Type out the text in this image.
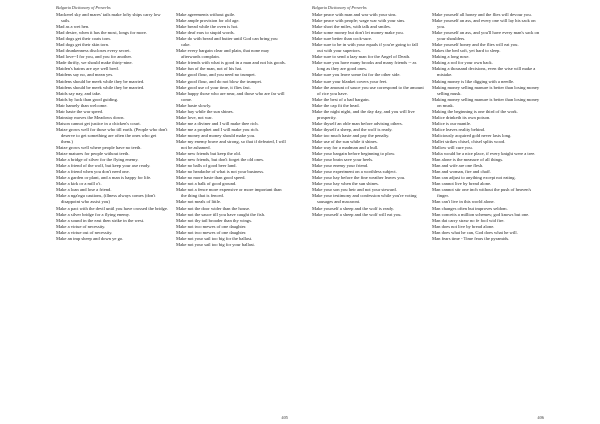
Bulgaria Dictionary of Proverbs

Mackerel sky and mares' tails make lofty ships carry low sails.

Mad as a wet hen.

Mad desire, when it has the most, longs for more.

Mad dogs get their coats torn.

Mad dogs get their skin torn.

Mad drunkenness discloses every secret.

Mad love--I for you, and you for another.

Made thrifty, we should make thirty-nine.

Maiden's bairns are aye well bred.

Maidens say no, and mean yes.

Maidens should be meek while they be married.

Maidens should be meek while they be married.

Maids say nay, and take.

Maids by luck than good guiding.

Mair hamely than welcome.

Mair haste the war speed.

Mainstay moves the Meadows down.

Maison cannot get justice in a chicken's court.

Maize grows well for those who till earth. (People who don't deserve to get something are often the ones who get them.)

Maize grows well where people have no teeth.

Maize matures for people without teeth.

Make a bridge of silver for the flying enemy.

Make a friend of the wolf, but keep your axe ready.

Make a friend when you don't need one.

Make a garden or plant, and a man is happy for life.

Make a kirk or a mill o't.

Make a loan and lose a friend.

Make a nga'nga cautions, (illness always comes (don't disappoint who assist you)

Make a pact with the devil until you have crossed the bridge.

Make a silver bridge for a flying enemy.

Make a sound in the east then strike in the west.

Make a virtue of necessity.

Make a virtue out of necessity.

Make an imp sheep and down ye go.

Make agreements without guile.

Make ample provision for old age.

Make bread while the oven is hot.

Make deaf ears to stupid words.

Make do with bread and butter until God can bring you cake.

Make every bargain clear and plain, that none may afterwards complain.

Make friends with what is good in a man and not his goods.

Make fun of the man, not of his hat.

Make good flour, and you need no trumpet.

Make good flour, and do not blow the trumpet.

Make good use of your time, it flies fast.

Make happy those who are near, and those who are far will come.

Make haste slowly.

Make hay while the sun shines.

Make love, not war.

Make me a diviner and I will make thee rich.

Make me a prophet and I will make you rich.

Make money and money should make you.

Make my enemy brave and strong, so that if defeated, I will not be ashamed.

Make new friends but keep the old.

Make new friends, but don't forget the old ones.

Make no balls of good beer land.

Make no headache of what is not your business.

Make no more haste than good speed.

Make not a balk of good ground.

Make not a fence more expensive or more important than the thing that is fenced.

Make not meals of little.

Make not the door wider than the house.

Make not the sauce till you have caught the fish.

Make not thy tail broader than thy wings.

Make not two mewes of one daughter.

Make not two mewes of one daughter.

Make not your sail too big for the ballast.

Make not your sail too big for your ballast.

405
Bulgaria Dictionary of Proverbs

Make peace with man and war with your sins.

Make peace with people; wage war with your sins.

Make short the miles, with talk and smiles.

Make some money but don't let money make you.

Make sure better than cock-sure.

Make sure to be in with your equals if you're going to fall out with your superiors.

Make sure to send a lazy man for the Angel of Death.

Make sure you have many brooks and many friends -- as long as they are good ones.

Make sure you leave some fat for the other side.

Make sure your blanket covers your feet.

Make the amount of sauce you use correspond to the amount of rice you have.

Make the best of a bad bargain.

Make the cap fit the head.

Make the night night, and the day day, and you will live prosperity.

Make thyself an oble man before advising others.

Make thyself a sheep, and the wolf is ready.

Make too much haste and pay the penalty.

Make use of the sun while it shines.

Make way for a madman and a bull.

Make your bargain before beginning to plow.

Make your brain save your heels.

Make your enemy your friend.

Make your experiment on a worthless subject.

Make your hay before the fine weather leaves you.

Make your hay when the sun shines.

Make your son you heir and not your steward.

Make your testimony and confession while you're voting sausages and macaroni.

Make yourself a sheep and the wolf is ready.

Make yourself a sheep and the wolf will eat you.

Make yourself all honey and the flies will devour you.

Make yourself an ass, and every one will lay his sack on you.

Make yourself an ass, and you'll have every man's sack on your shoulders.

Make yourself honey and the flies will eat you.

Makes the bed soft, yet hard to sleep.

Making a long nose.

Making a rod for your own back.

Making a thousand decisions, even the wise will make a mistake.

Making money is like digging with a needle.

Making money selling manure is better than losing money selling musk.

Making money selling manure is better than losing money on musk.

Making the beginning is one third of the work.

Malice drinketh its own poison.

Malice is our mantle.

Malice leaves reality behind.

Maliciously acquired gold never lasts long.

Mallet strikes chisel, chisel splits wood.

Mallow will cure you.

Malta would be a nice place, if every knight were a tree.

Man alone is the measure of all things.

Man and wife are one flesh.

Man and woman, fire and chaff.

Man can adjust to anything except not eating.

Man cannot live by bread alone.

Man cannot stir one inch without the push of heaven's finger.

Man can't live in this world alone.

Man changes often but improves seldom.

Man conceits a million schemes; god knows but one.

Man dat carry straw no fe fool wid fire.

Man does not live by bread alone.

Man does what he can, God does what he will.

Man fears time - Time fears the pyramids.

406
